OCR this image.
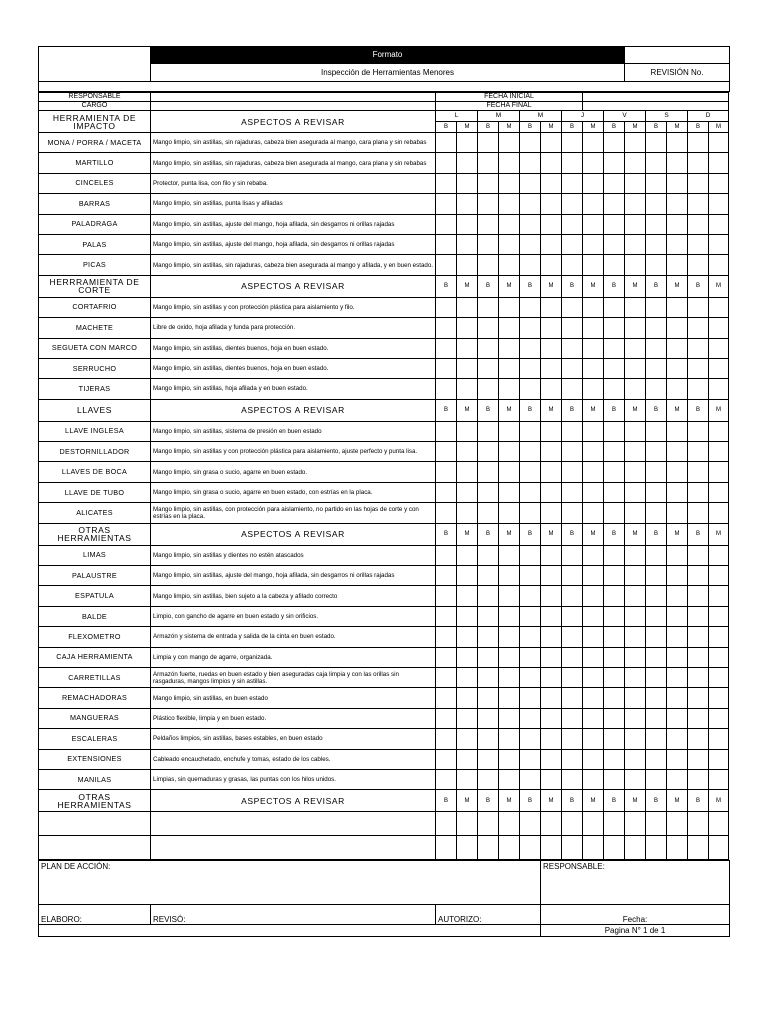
	Formato	
	Inspección de Herramientas Menores	REVISIÓN No.

RESPONSABLE		FECHA INICIAL													
CARGO		FECHA FINAL													
HERRAMIENTA DE IMPACTO	ASPECTOS A REVISAR	L		M		M		J		V		S		D	
		B	M	B	M	B	M	B	M	B	M	B	M	B	M
MONA / PORRA / MACETA	Mango limpio, sin astillas, sin rajaduras, cabeza bien asegurada al mango, cara plana y sin rebabas														
MARTILLO	Mango limpio, sin astillas, sin rajaduras, cabeza bien asegurada al mango, cara plana y sin rebabas														
CINCELES	Protector, punta lisa, con filo y sin rebaba.														
BARRAS	Mango limpio, sin astillas, punta lisas y afiladas														
PALADRAGA	Mango limpio, sin astillas, ajuste del mango, hoja afilada, sin desgarros ni orillas rajadas														
PALAS	Mango limpio, sin astillas, ajuste del mango, hoja afilada, sin desgarros ni orillas rajadas														
PICAS	Mango limpio, sin astillas, sin rajaduras, cabeza bien asegurada al mango y afilada, y en buen estado.														
HERRRAMIENTA DE CORTE	ASPECTOS A REVISAR	B	M	B	M	B	M	B	M	B	M	B	M	B	M
CORTAFRIO	Mango limpio, sin astillas y con protección plástica para aislamiento y filo.														
MACHETE	Libre de oxido, hoja afilada y funda para protección.														
SEGUETA CON MARCO	Mango limpio, sin astillas, dientes buenos, hoja en buen estado.														
SERRUCHO	Mango limpio, sin astillas, dientes buenos, hoja en buen estado.														
TIJERAS	Mango limpio, sin astillas, hoja afilada y en buen estado.														
LLAVES	ASPECTOS A REVISAR	B	M	B	M	B	M	B	M	B	M	B	M	B	M
LLAVE INGLESA	Mango limpio, sin astillas, sistema de presión en buen estado														
DESTORNILLADOR	Mango limpio, sin astillas y con protección plástica para aislamiento, ajuste perfecto y punta lisa.														
LLAVES DE BOCA	Mango limpio, sin grasa o sucio, agarre en buen estado.														
LLAVE DE TUBO	Mango limpio, sin grasa o sucio, agarre en buen estado, con estrías en la placa.														
ALICATES	Mango limpio, sin astillas, con protección para aislamiento, no partido en las hojas de corte y con estrías en la placa.														
OTRAS HERRAMIENTAS	ASPECTOS A REVISAR	B	M	B	M	B	M	B	M	B	M	B	M	B	M
LIMAS	Mango limpio, sin astillas y dientes no estén atascados														
PALAUSTRE	Mango limpio, sin astillas, ajuste del mango, hoja afilada, sin desgarros ni orillas rajadas														
ESPATULA	Mango limpio, sin astillas, bien sujeto a la cabeza y afilado correcto														
BALDE	Limpio, con gancho de agarre en buen estado y sin orificios.														
FLEXOMETRO	Armazón y sistema de entrada y salida de la cinta en buen estado.														
CAJA HERRAMIENTA	Limpia y con mango de agarre, organizada.														
CARRETILLAS	Armazón fuerte, ruedas en buen estado y bien aseguradas caja limpia y con las orillas sin rasgaduras, mangos limpios y sin astillas.														
REMACHADORAS	Mango limpio, sin astillas, en buen estado														
MANGUERAS	Plástico flexible, limpia y en buen estado.														
ESCALERAS	Peldaños limpios, sin astillas, bases estables, en buen estado														
EXTENSIONES	Cableado encauchetado, enchufe y tomas, estado de los cables.														
MANILAS	Limpias, sin quemaduras y grasas, las puntas con los hilos unidos.														
OTRAS HERRAMIENTAS	ASPECTOS A REVISAR	B	M	B	M	B	M	B	M	B	M	B	M	B	M

PLAN DE ACCIÓN:			RESPONSABLE:
ELABORO:	REVISÓ:	AUTORIZO:	Fecha:
			Pagina N° 1 de 1
